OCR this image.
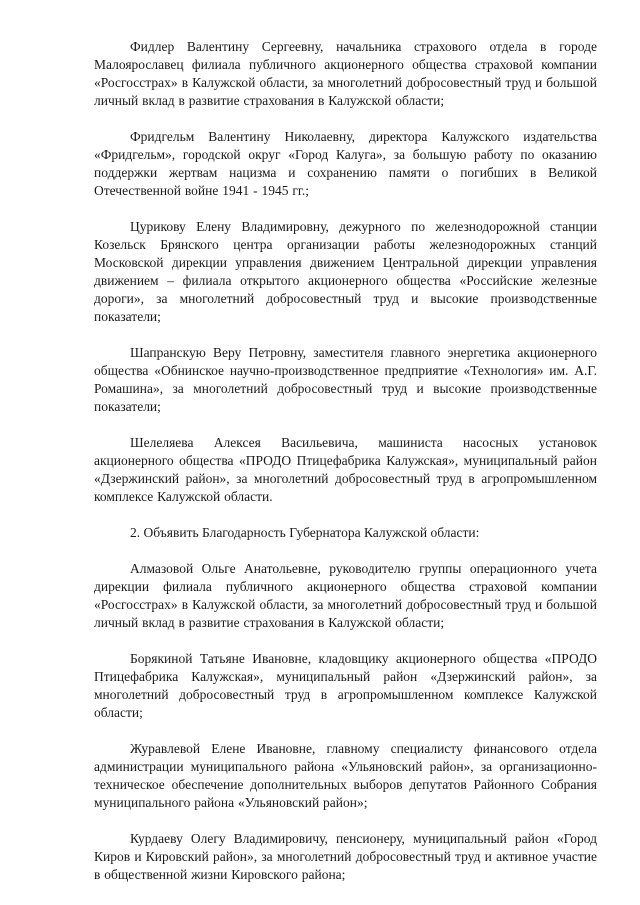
Фидлер Валентину Сергеевну, начальника страхового отдела в городе Малоярославец филиала публичного акционерного общества страховой компании «Росгосстрах» в Калужской области, за многолетний добросовестный труд и большой личный вклад в развитие страхования в Калужской области;

Фридгельм Валентину Николаевну, директора Калужского издательства «Фридгельм», городской округ «Город Калуга», за большую работу по оказанию поддержки жертвам нацизма и сохранению памяти о погибших в Великой Отечественной войне 1941 - 1945 гг.;

Цурикову Елену Владимировну, дежурного по железнодорожной станции Козельск Брянского центра организации работы железнодорожных станций Московской дирекции управления движением Центральной дирекции управления движением – филиала открытого акционерного общества «Российские железные дороги», за многолетний добросовестный труд и высокие производственные показатели;

Шапранскую Веру Петровну, заместителя главного энергетика акционерного общества «Обнинское научно-производственное предприятие «Технология» им. А.Г. Ромашина», за многолетний добросовестный труд и высокие производственные показатели;

Шелеляева Алексея Васильевича, машиниста насосных установок акционерного общества «ПРОДО Птицефабрика Калужская», муниципальный район «Дзержинский район», за многолетний добросовестный труд в агропромышленном комплексе Калужской области.

2. Объявить Благодарность Губернатора Калужской области:

Алмазовой Ольге Анатольевне, руководителю группы операционного учета дирекции филиала публичного акционерного общества страховой компании «Росгосстрах» в Калужской области, за многолетний добросовестный труд и большой личный вклад в развитие страхования в Калужской области;

Борякиной Татьяне Ивановне, кладовщику акционерного общества «ПРОДО Птицефабрика Калужская», муниципальный район «Дзержинский район», за многолетний добросовестный труд в агропромышленном комплексе Калужской области;

Журавлевой Елене Ивановне, главному специалисту финансового отдела администрации муниципального района «Ульяновский район», за организационно-техническое обеспечение дополнительных выборов депутатов Районного Собрания муниципального района «Ульяновский район»;

Курдаеву Олегу Владимировичу, пенсионеру, муниципальный район «Город Киров и Кировский район», за многолетний добросовестный труд и активное участие в общественной жизни Кировского района;
